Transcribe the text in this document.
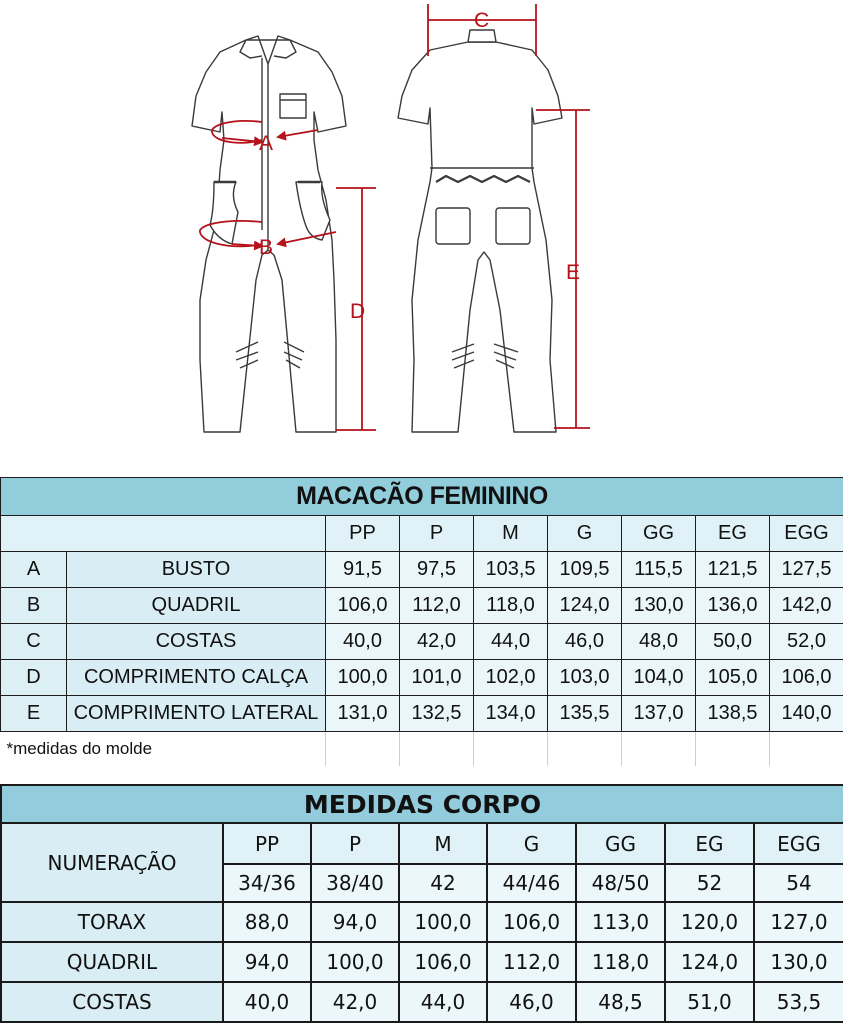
A
B
C
D
E
MACACÃO FEMININO								
		PP	P	M	G	GG	EG	EGG
A	BUSTO	91,5	97,5	103,5	109,5	115,5	121,5	127,5
B	QUADRIL	106,0	112,0	118,0	124,0	130,0	136,0	142,0
C	COSTAS	40,0	42,0	44,0	46,0	48,0	50,0	52,0
D	COMPRIMENTO CALÇA	100,0	101,0	102,0	103,0	104,0	105,0	106,0
E	COMPRIMENTO LATERAL	131,0	132,5	134,0	135,5	137,0	138,5	140,0
*medidas do molde								
MEDIDAS CORPO							
NUMERAÇÃO	PP	P	M	G	GG	EG	EGG
	34/36	38/40	42	44/46	48/50	52	54
TORAX	88,0	94,0	100,0	106,0	113,0	120,0	127,0
QUADRIL	94,0	100,0	106,0	112,0	118,0	124,0	130,0
COSTAS	40,0	42,0	44,0	46,0	48,5	51,0	53,5
